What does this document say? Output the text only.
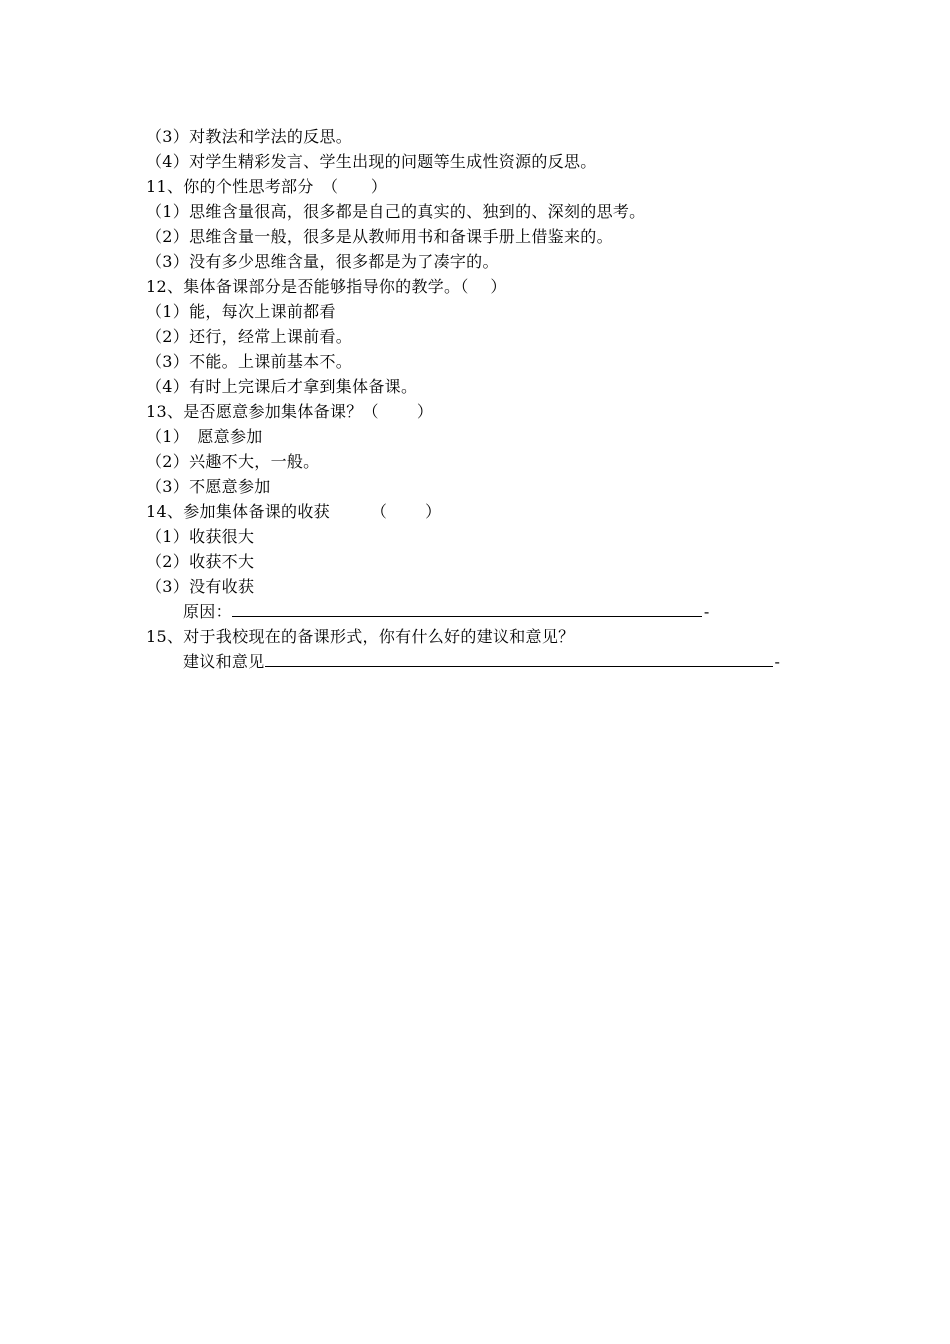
（3）对教法和学法的反思。
（4）对学生精彩发言、学生出现的问题等生成性资源的反思。
11、你的个性思考部分　（　　）
（1）思维含量很高，很多都是自己的真实的、独到的、深刻的思考。
（2）思维含量一般，很多是从教师用书和备课手册上借鉴来的。
（3）没有多少思维含量，很多都是为了凑字的。
12、集体备课部分是否能够指导你的教学。（　 ）
（1）能，每次上课前都看
（2）还行，经常上课前看。
（3）不能。上课前基本不。
（4）有时上完课后才拿到集体备课。
13、是否愿意参加集体备课？（　　 ）
（1）　愿意参加
（2）兴趣不大，一般。
（3）不愿意参加
14、参加集体备课的收获　　　（　　 ）
（1）收获很大
（2）收获不大
（3）没有收获
原因：	-
15、对于我校现在的备课形式，你有什么好的建议和意见？
建议和意见	-
